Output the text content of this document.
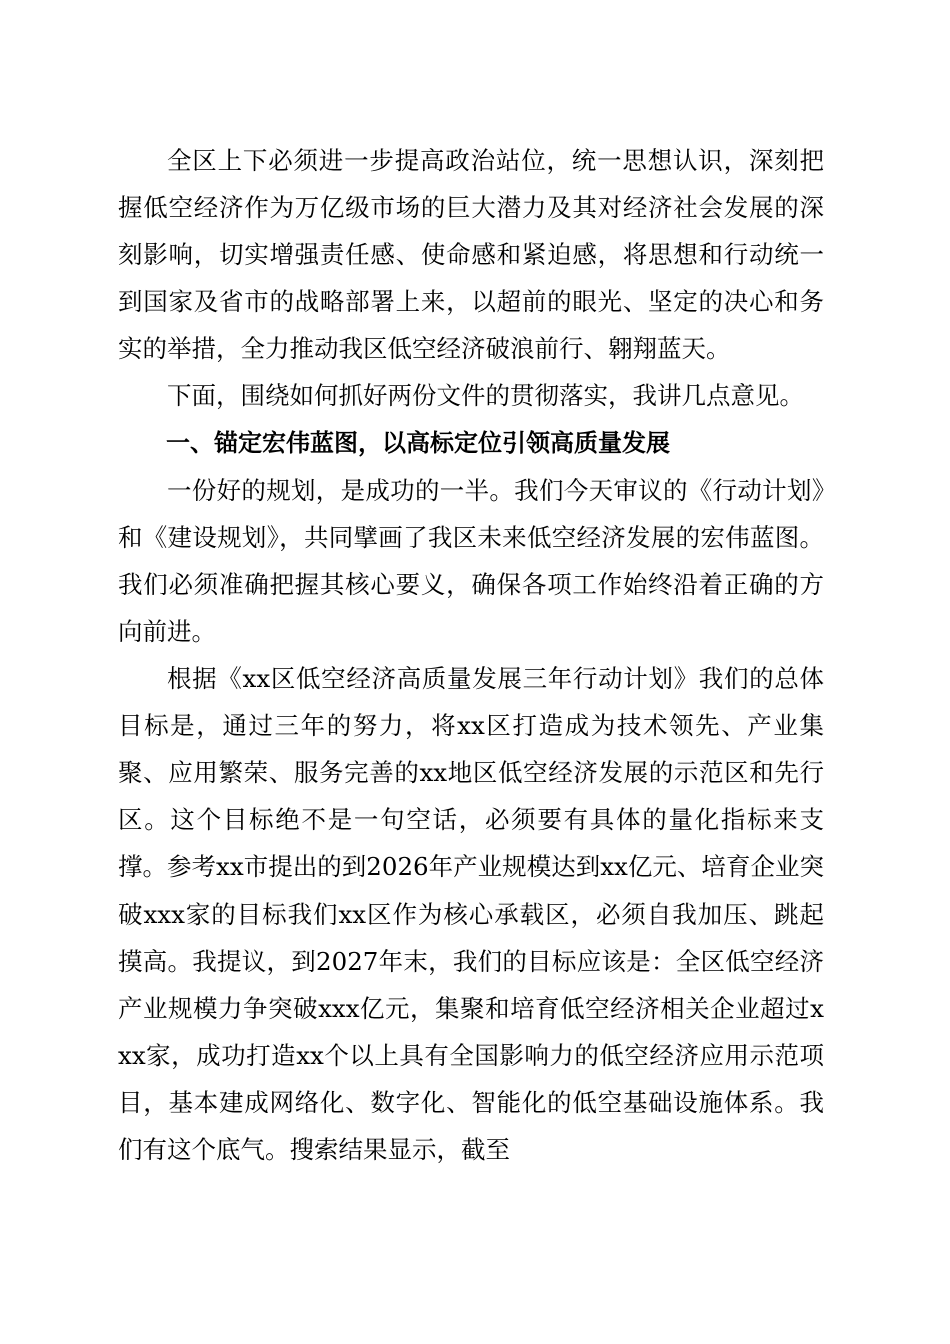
全区上下必须进一步提高政治站位，统一思想认识，深刻把握低空经济作为万亿级市场的巨大潜力及其对经济社会发展的深刻影响，切实增强责任感、使命感和紧迫感，将思想和行动统一到国家及省市的战略部署上来，以超前的眼光、坚定的决心和务实的举措，全力推动我区低空经济破浪前行、翱翔蓝天。

下面，围绕如何抓好两份文件的贯彻落实，我讲几点意见。

一、锚定宏伟蓝图，以高标定位引领高质量发展

一份好的规划，是成功的一半。我们今天审议的《行动计划》和《建设规划》，共同擘画了我区未来低空经济发展的宏伟蓝图。我们必须准确把握其核心要义，确保各项工作始终沿着正确的方向前进。

根据《xx区低空经济高质量发展三年行动计划》我们的总体目标是，通过三年的努力，将xx区打造成为技术领先、产业集聚、应用繁荣、服务完善的xx地区低空经济发展的示范区和先行区。这个目标绝不是一句空话，必须要有具体的量化指标来支撑。参考xx市提出的到2026年产业规模达到xx亿元、培育企业突破xxx家的目标我们xx区作为核心承载区，必须自我加压、跳起摸高。我提议，到2027年末，我们的目标应该是：全区低空经济产业规模力争突破xxx亿元，集聚和培育低空经济相关企业超过xxx家，成功打造xx个以上具有全国影响力的低空经济应用示范项目，基本建成网络化、数字化、智能化的低空基础设施体系。我们有这个底气。搜索结果显示，截至
